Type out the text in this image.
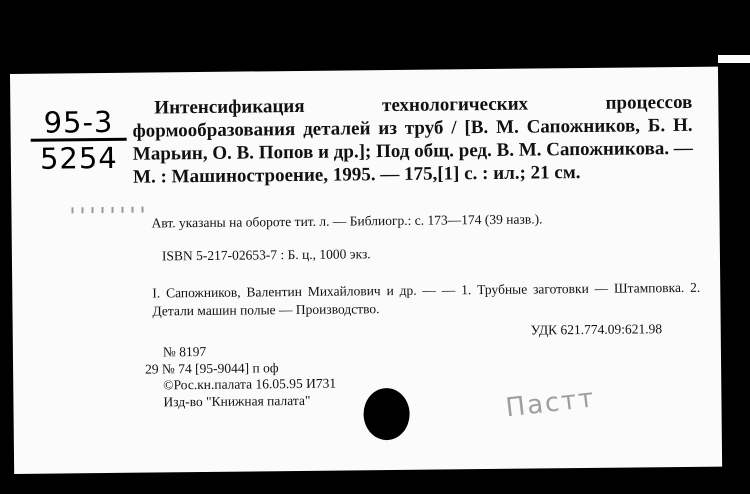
95-3
5254
Интенсификация технологических процессов формообразования деталей из труб / [В. М. Сапожников, Б. Н. Марьин, О. В. Попов и др.]; Под общ. ред. В. М. Сапожникова. — М. : Машиностроение, 1995. — 175,[1] с. : ил.; 21 см.
Авт. указаны на обороте тит. л. — Библиогр.: с. 173—174 (39 назв.).
ISBN 5-217-02653-7 : Б. ц., 1000 экз.
I. Сапожников, Валентин Михайлович и др. — — 1. Трубные заготовки — Штамповка. 2. Детали машин полые — Производство.
УДК 621.774.09:621.98
№ 8197
29 № 74 [95-9044] п оф
©Рос.кн.палата 16.05.95 И731
Изд-во "Книжная палата"	Пастт
